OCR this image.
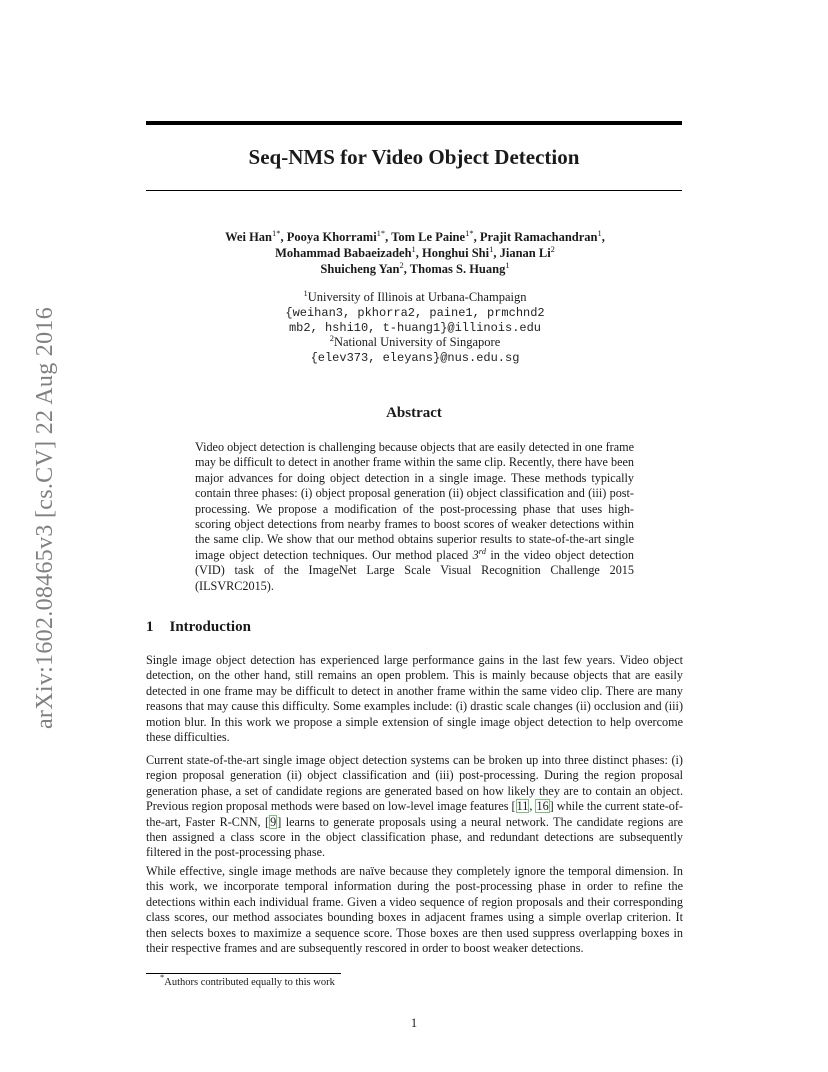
arXiv:1602.08465v3 [cs.CV] 22 Aug 2016
Seq-NMS for Video Object Detection
Wei Han$^{1*}$, Pooya Khorrami$^{1*}$, Tom Le Paine$^{1*}$, Prajit Ramachandran$^1$,
Mohammad Babaeizadeh$^1$, Honghui Shi$^1$, Jianan Li$^2$
Shuicheng Yan$^2$, Thomas S. Huang$^1$
$^1$University of Illinois at Urbana-Champaign
{weihan3, pkhorra2, paine1, prmchnd2
mb2, hshi10, t-huang1}@illinois.edu
$^2$National University of Singapore
{elev373, eleyans}@nus.edu.sg
Abstract
Video object detection is challenging because objects that are easily detected in one frame may be difficult to detect in another frame within the same clip. Recently, there have been major advances for doing object detection in a single image. These methods typically contain three phases: (i) object proposal generation (ii) object classification and (iii) post-processing. We propose a modification of the post-processing phase that uses high-scoring object detections from nearby frames to boost scores of weaker detections within the same clip. We show that our method obtains superior results to state-of-the-art single image object detection techniques. Our method placed 3rd in the video object detection (VID) task of the ImageNet Large Scale Visual Recognition Challenge 2015 (ILSVRC2015).
1 Introduction
Single image object detection has experienced large performance gains in the last few years. Video object detection, on the other hand, still remains an open problem. This is mainly because objects that are easily detected in one frame may be difficult to detect in another frame within the same video clip. There are many reasons that may cause this difficulty. Some examples include: (i) drastic scale changes (ii) occlusion and (iii) motion blur. In this work we propose a simple extension of single image object detection to help overcome these difficulties.
Current state-of-the-art single image object detection systems can be broken up into three distinct phases: (i) region proposal generation (ii) object classification and (iii) post-processing. During the region proposal generation phase, a set of candidate regions are generated based on how likely they are to contain an object. Previous region proposal methods were based on low-level image features [11, 16] while the current state-of-the-art, Faster R-CNN, [9] learns to generate proposals using a neural network. The candidate regions are then assigned a class score in the object classification phase, and redundant detections are subsequently filtered in the post-processing phase.
While effective, single image methods are naïve because they completely ignore the temporal dimension. In this work, we incorporate temporal information during the post-processing phase in order to refine the detections within each individual frame. Given a video sequence of region proposals and their corresponding class scores, our method associates bounding boxes in adjacent frames using a simple overlap criterion. It then selects boxes to maximize a sequence score. Those boxes are then used suppress overlapping boxes in their respective frames and are subsequently rescored in order to boost weaker detections.
*Authors contributed equally to this work
1
